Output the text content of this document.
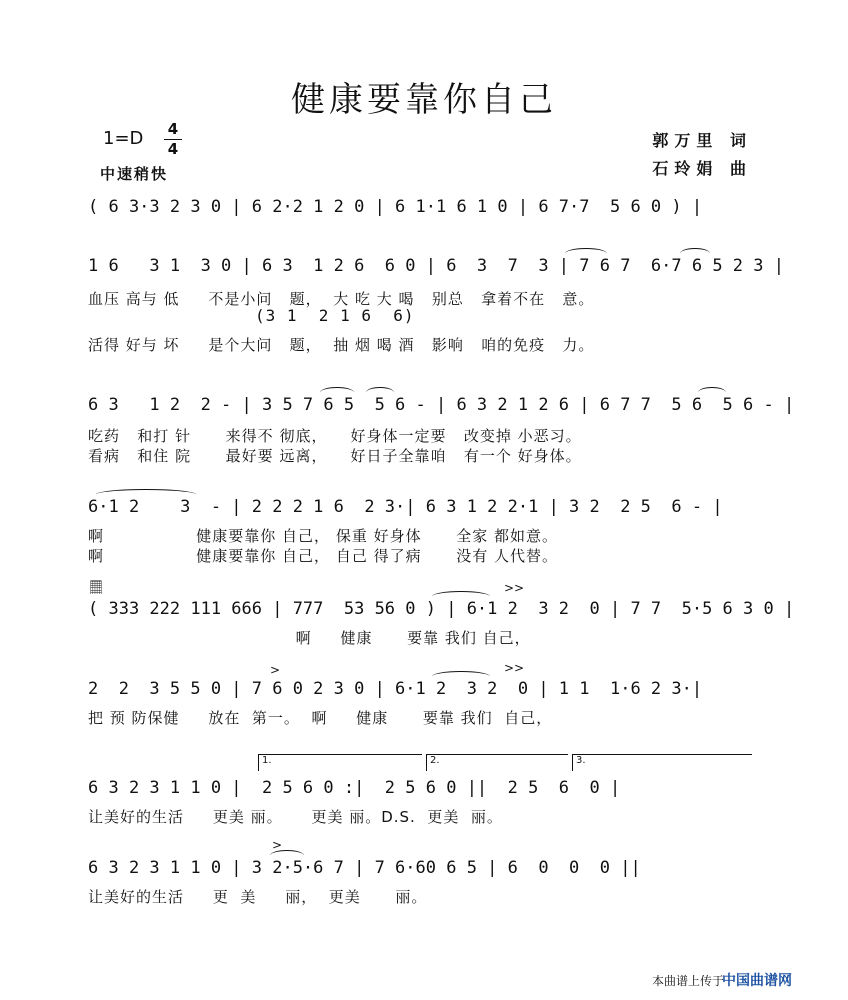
健康要靠你自己
1=D 4
4
中速稍快
郭万里 词
石玲娟 曲
( 6 3·3 2 3 0 | 6 2·2 1 2 0 | 6 1·1 6 1 0 | 6 7·7  5 6 0 ) |
1 6   3 1  3 0 | 6 3  1 2 6  6 0 | 6  3  7  3 | 7 6 7  6·7 6 5 2 3 |
血压 高与 低     不是小问   题，  大 吃 大 喝   别总   拿着不在   意。
(3 1  2 1 6  6)
活得 好与 坏     是个大问   题，  抽 烟 喝 酒   影响   咱的免疫   力。
6 3   1 2  2 - | 3 5 7 6 5  5 6 - | 6 3 2 1 2 6 | 6 7 7  5 6  5 6 - |
吃药   和打 针      来得不 彻底，    好身体一定要   改变掉 小恶习。
看病   和住 院      最好要 远离，    好日子全靠咱   有一个 好身体。
6·1 2    3  - | 2 2 2 1 6  2 3·| 6 3 1 2 2·1 | 3 2  2 5  6 - |
啊                健康要靠你 自己， 保重 好身体      全家 都如意。
啊                健康要靠你 自己， 自己 得了病      没有 人代替。
𝄜
( 333 222 111 666 | 777  53 56 0 ) | 6·1 2  3 2  0 | 7 7  5·5 6 3 0 |
>>
啊     健康      要靠 我们 自己，
2  2  3 5 5 0 | 7 6 0 2 3 0 | 6·1 2  3 2  0 | 1 1  1·6 2 3·|
>	>>
把 预 防保健     放在  第一。  啊     健康      要靠 我们  自己，
1.	2.	3.
6 3 2 3 1 1 0 |  2 5 6 0 :|  2 5 6 0 ||  2 5  6  0 |
让美好的生活     更美 丽。     更美 丽。D.S.  更美  丽。
6 3 2 3 1 1 0 | 3 2·5·6 7 | 7 6·60 6 5 | 6  0  0  0 ||
>
让美好的生活     更  美     丽，  更美      丽。
本曲谱上传于
中国曲谱网
